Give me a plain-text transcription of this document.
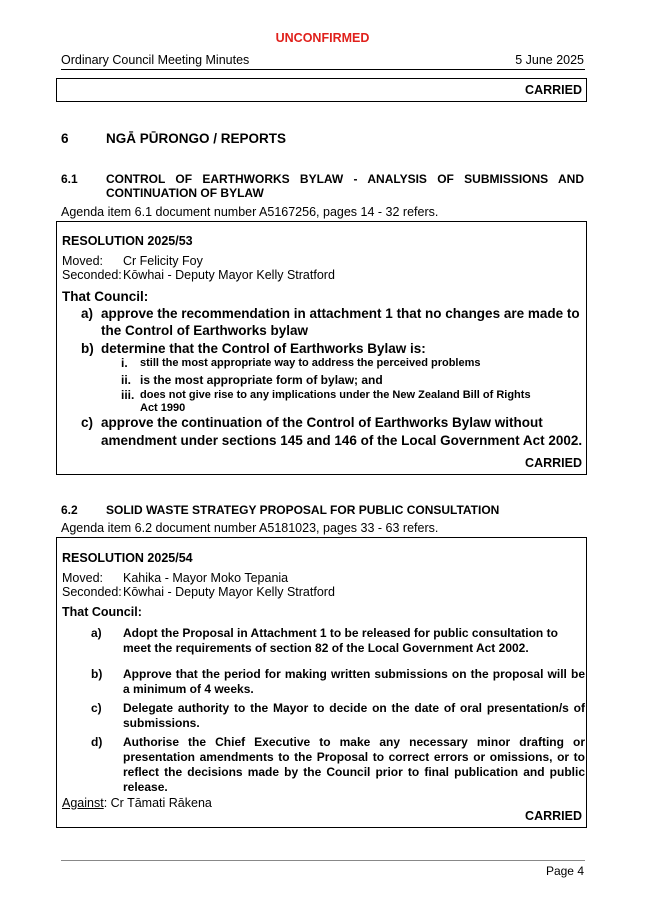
UNCONFIRMED
Ordinary Council Meeting Minutes	5 June 2025
CARRIED
6	NGĀ PŪRONGO / REPORTS
6.1 CONTROL OF EARTHWORKS BYLAW - ANALYSIS OF SUBMISSIONS AND CONTINUATION OF BYLAW
Agenda item 6.1 document number A5167256, pages 14 - 32 refers.
RESOLUTION 2025/53
Moved: Cr Felicity Foy
Seconded:Kōwhai - Deputy Mayor Kelly Stratford
That Council:
a) approve the recommendation in attachment 1 that no changes are made to
the Control of Earthworks bylaw
b) determine that the Control of Earthworks Bylaw is:
i. still the most appropriate way to address the perceived problems
ii. is the most appropriate form of bylaw; and
iii. does not give rise to any implications under the New Zealand Bill of Rights
Act 1990
c) approve the continuation of the Control of Earthworks Bylaw without
amendment under sections 145 and 146 of the Local Government Act 2002.
CARRIED
6.2 SOLID WASTE STRATEGY PROPOSAL FOR PUBLIC CONSULTATION
Agenda item 6.2 document number A5181023, pages 33 - 63 refers.
RESOLUTION 2025/54
Moved: Kahika - Mayor Moko Tepania
Seconded:Kōwhai - Deputy Mayor Kelly Stratford
That Council:
a) Adopt the Proposal in Attachment 1 to be released for public consultation to meet the requirements of section 82 of the Local Government Act 2002.
b) Approve that the period for making written submissions on the proposal will be a minimum of 4 weeks.
c) Delegate authority to the Mayor to decide on the date of oral presentation/s of submissions.
d) Authorise the Chief Executive to make any necessary minor drafting or presentation amendments to the Proposal to correct errors or omissions, or to reflect the decisions made by the Council prior to final publication and public release.
Against: Cr Tāmati Rākena
CARRIED
Page 4
